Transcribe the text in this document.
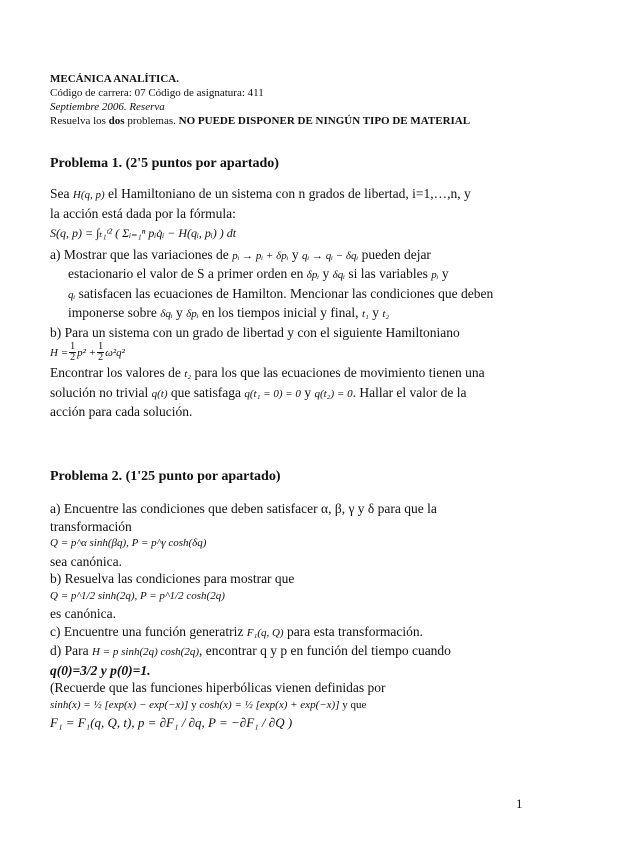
MECÁNICA ANALÍTICA.
Código de carrera: 07 Código de asignatura: 411
Septiembre 2006. Reserva
Resuelva los dos problemas. NO PUEDE DISPONER DE NINGÚN TIPO DE MATERIAL
Problema 1. (2'5 puntos por apartado)
Sea H(q, p) el Hamiltoniano de un sistema con n grados de libertad, i=1,…,n, y
la acción está dada por la fórmula:
S(q, p) = ∫ₜ₁ᵗ² ( Σᵢ₌₁ⁿ pᵢq̇ᵢ − H(qᵢ, pᵢ) ) dt
a) Mostrar que las variaciones de pᵢ → pᵢ + δpᵢ y qᵢ → qᵢ − δqᵢ pueden dejar
estacionario el valor de S a primer orden en δpᵢ y δqᵢ si las variables pᵢ y
qᵢ satisfacen las ecuaciones de Hamilton. Mencionar las condiciones que deben
imponerse sobre δqᵢ y δpᵢ en los tiempos inicial y final, t₁ y t₂
b) Para un sistema con un grado de libertad y con el siguiente Hamiltoniano
$H = \frac{1}{2} p^2 + \frac{1}{2} \omega^2q^2$
Encontrar los valores de t₂ para los que las ecuaciones de movimiento tienen una
solución no trivial q(t) que satisfaga q(t₁ = 0) = 0 y q(t₂) = 0. Hallar el valor de la
acción para cada solución.
Problema 2. (1'25 punto por apartado)
a) Encuentre las condiciones que deben satisfacer α, β, γ y δ para que la
transformación
Q = p^α sinh(βq), P = p^γ cosh(δq)
sea canónica.
b) Resuelva las condiciones para mostrar que
Q = p^1/2 sinh(2q), P = p^1/2 cosh(2q)
es canónica.
c) Encuentre una función generatriz F₁(q, Q) para esta transformación.
d) Para H = p sinh(2q) cosh(2q), encontrar q y p en función del tiempo cuando
q(0)=3/2 y p(0)=1.
(Recuerde que las funciones hiperbólicas vienen definidas por
sinh(x) = ½ [exp(x) − exp(−x)] y cosh(x) = ½ [exp(x) + exp(−x)] y que
F₁ = F₁(q, Q, t), p = ∂F₁ / ∂q, P = −∂F₁ / ∂Q )
1
